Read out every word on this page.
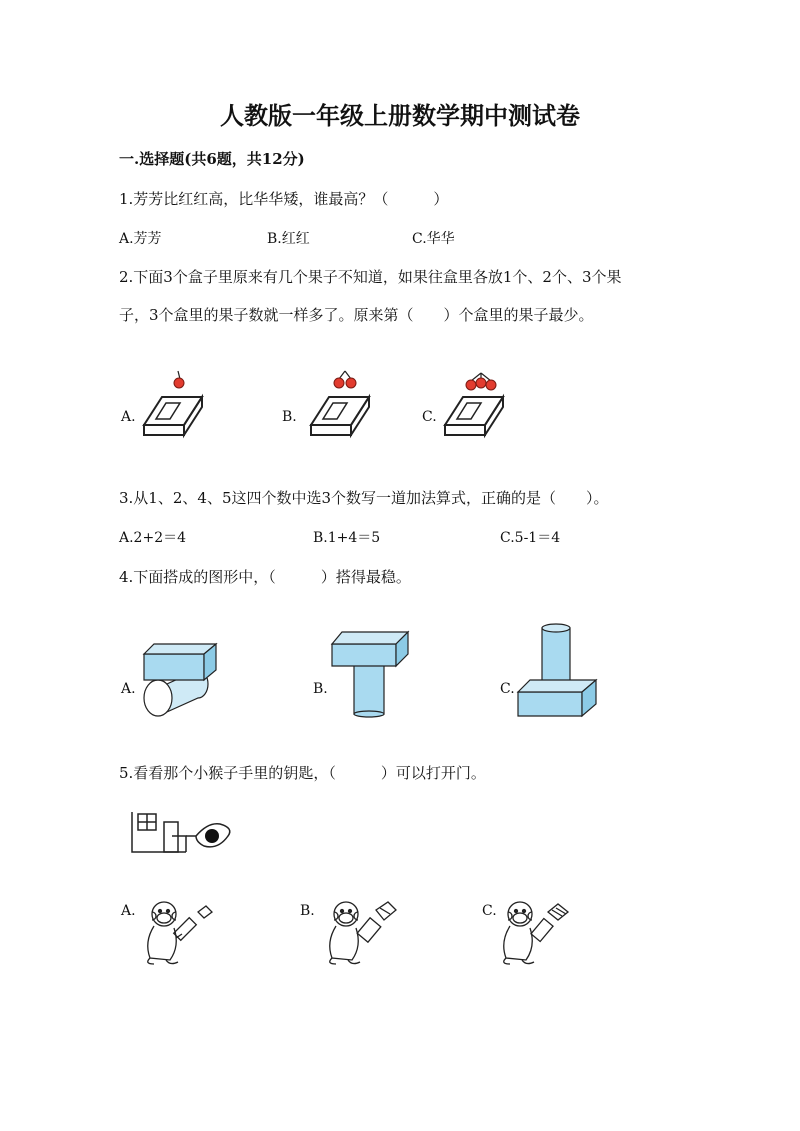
人教版一年级上册数学期中测试卷
一.选择题(共6题，共12分)
1.芳芳比红红高，比华华矮，谁最高？（　　　）
A.芳芳	B.红红	C.华华
2.下面3个盒子里原来有几个果子不知道，如果往盒里各放1个、2个、3个果
子，3个盒里的果子数就一样多了。原来第（　　）个盒里的果子最少。
A.	B.	C.
3.从1、2、4、5这四个数中选3个数写一道加法算式，正确的是（　　）。
A.2+2＝4	B.1+4＝5	C.5-1＝4
4.下面搭成的图形中，（　　　）搭得最稳。
A.	B.	C.
5.看看那个小猴子手里的钥匙，（　　　）可以打开门。
A.	B.	C.
